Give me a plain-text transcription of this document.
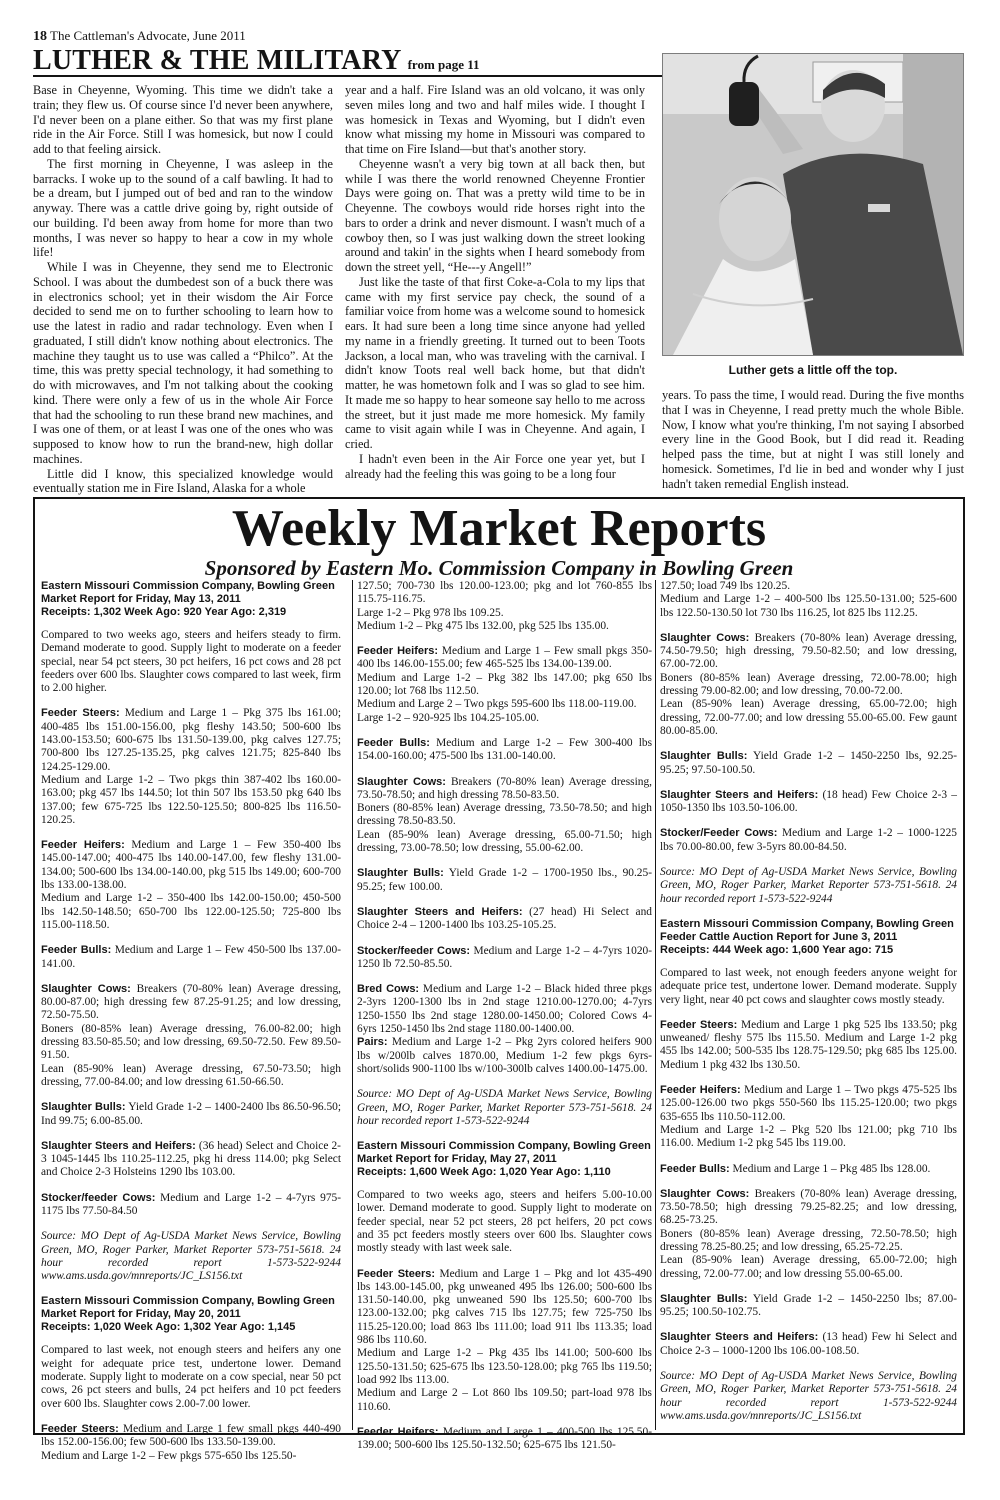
18 The Cattleman's Advocate, June 2011
LUTHER & THE MILITARY from page 11

Base in Cheyenne, Wyoming. This time we didn't take a train; they flew us. Of course since I'd never been anywhere, I'd never been on a plane either. So that was my first plane ride in the Air Force. Still I was homesick, but now I could add to that feeling airsick.

The first morning in Cheyenne, I was asleep in the barracks. I woke up to the sound of a calf bawling. It had to be a dream, but I jumped out of bed and ran to the window anyway. There was a cattle drive going by, right outside of our building. I'd been away from home for more than two months, I was never so happy to hear a cow in my whole life!

While I was in Cheyenne, they send me to Electronic School. I was about the dumbedest son of a buck there was in electronics school; yet in their wisdom the Air Force decided to send me on to further schooling to learn how to use the latest in radio and radar technology. Even when I graduated, I still didn't know nothing about electronics. The machine they taught us to use was called a “Philco”. At the time, this was pretty special technology, it had something to do with microwaves, and I'm not talking about the cooking kind. There were only a few of us in the whole Air Force that had the schooling to run these brand new machines, and I was one of them, or at least I was one of the ones who was supposed to know how to run the brand-new, high dollar machines.

Little did I know, this specialized knowledge would eventually station me in Fire Island, Alaska for a whole

year and a half. Fire Island was an old volcano, it was only seven miles long and two and half miles wide. I thought I was homesick in Texas and Wyoming, but I didn't even know what missing my home in Missouri was compared to that time on Fire Island—but that's another story.

Cheyenne wasn't a very big town at all back then, but while I was there the world renowned Cheyenne Frontier Days were going on. That was a pretty wild time to be in Cheyenne. The cowboys would ride horses right into the bars to order a drink and never dismount. I wasn't much of a cowboy then, so I was just walking down the street looking around and takin' in the sights when I heard somebody from down the street yell, “He---y Angell!”

Just like the taste of that first Coke-a-Cola to my lips that came with my first service pay check, the sound of a familiar voice from home was a welcome sound to homesick ears. It had sure been a long time since anyone had yelled my name in a friendly greeting. It turned out to been Toots Jackson, a local man, who was traveling with the carnival. I didn't know Toots real well back home, but that didn't matter, he was hometown folk and I was so glad to see him. It made me so happy to hear someone say hello to me across the street, but it just made me more homesick. My family came to visit again while I was in Cheyenne. And again, I cried.

I hadn't even been in the Air Force one year yet, but I already had the feeling this was going to be a long four

Luther gets a little off the top.

years. To pass the time, I would read. During the five months that I was in Cheyenne, I read pretty much the whole Bible. Now, I know what you're thinking, I'm not saying I absorbed every line in the Good Book, but I did read it. Reading helped pass the time, but at night I was still lonely and homesick. Sometimes, I'd lie in bed and wonder why I just hadn't taken remedial English instead.

Weekly Market Reports
Sponsored by Eastern Mo. Commission Company in Bowling Green
Eastern Missouri Commission Company, Bowling Green
Market Report for Friday, May 13, 2011
Receipts: 1,302 Week Ago: 920 Year Ago: 2,319
Compared to two weeks ago, steers and heifers steady to firm. Demand moderate to good. Supply light to moderate on a feeder special, near 54 pct steers, 30 pct heifers, 16 pct cows and 28 pct feeders over 600 lbs. Slaughter cows compared to last week, firm to 2.00 higher.
Feeder Steers: Medium and Large 1 – Pkg 375 lbs 161.00; 400-485 lbs 151.00-156.00, pkg fleshy 143.50; 500-600 lbs 143.00-153.50; 600-675 lbs 131.50-139.00, pkg calves 127.75; 700-800 lbs 127.25-135.25, pkg calves 121.75; 825-840 lbs 124.25-129.00.
Medium and Large 1-2 – Two pkgs thin 387-402 lbs 160.00-163.00; pkg 457 lbs 144.50; lot thin 507 lbs 153.50 pkg 640 lbs 137.00; few 675-725 lbs 122.50-125.50; 800-825 lbs 116.50-120.25.
Feeder Heifers: Medium and Large 1 – Few 350-400 lbs 145.00-147.00; 400-475 lbs 140.00-147.00, few fleshy 131.00-134.00; 500-600 lbs 134.00-140.00, pkg 515 lbs 149.00; 600-700 lbs 133.00-138.00.
Medium and Large 1-2 – 350-400 lbs 142.00-150.00; 450-500 lbs 142.50-148.50; 650-700 lbs 122.00-125.50; 725-800 lbs 115.00-118.50.
Feeder Bulls: Medium and Large 1 – Few 450-500 lbs 137.00-141.00.
Slaughter Cows: Breakers (70-80% lean) Average dressing, 80.00-87.00; high dressing few 87.25-91.25; and low dressing, 72.50-75.50.
Boners (80-85% lean) Average dressing, 76.00-82.00; high dressing 83.50-85.50; and low dressing, 69.50-72.50. Few 89.50-91.50.
Lean (85-90% lean) Average dressing, 67.50-73.50; high dressing, 77.00-84.00; and low dressing 61.50-66.50.
Slaughter Bulls: Yield Grade 1-2 – 1400-2400 lbs 86.50-96.50; Ind 99.75; 6.00-85.00.
Slaughter Steers and Heifers: (36 head) Select and Choice 2-3 1045-1445 lbs 110.25-112.25, pkg hi dress 114.00; pkg Select and Choice 2-3 Holsteins 1290 lbs 103.00.
Stocker/feeder Cows: Medium and Large 1-2 – 4-7yrs 975-1175 lbs 77.50-84.50
Source: MO Dept of Ag-USDA Market News Service, Bowling Green, MO, Roger Parker, Market Reporter 573-751-5618. 24 hour recorded report 1-573-522-9244 www.ams.usda.gov/mnreports/JC_LS156.txt
Eastern Missouri Commission Company, Bowling Green
Market Report for Friday, May 20, 2011
Receipts: 1,020 Week Ago: 1,302 Year Ago: 1,145
Compared to last week, not enough steers and heifers any one weight for adequate price test, undertone lower. Demand moderate. Supply light to moderate on a cow special, near 50 pct cows, 26 pct steers and bulls, 24 pct heifers and 10 pct feeders over 600 lbs. Slaughter cows 2.00-7.00 lower.
Feeder Steers: Medium and Large 1 few small pkgs 440-490 lbs 152.00-156.00; few 500-600 lbs 133.50-139.00.
Medium and Large 1-2 – Few pkgs 575-650 lbs 125.50-
127.50; 700-730 lbs 120.00-123.00; pkg and lot 760-855 lbs 115.75-116.75.
Large 1-2 – Pkg 978 lbs 109.25.
Medium 1-2 – Pkg 475 lbs 132.00, pkg 525 lbs 135.00.
Feeder Heifers: Medium and Large 1 – Few small pkgs 350-400 lbs 146.00-155.00; few 465-525 lbs 134.00-139.00.
Medium and Large 1-2 – Pkg 382 lbs 147.00; pkg 650 lbs 120.00; lot 768 lbs 112.50.
Medium and Large 2 – Two pkgs 595-600 lbs 118.00-119.00.
Large 1-2 – 920-925 lbs 104.25-105.00.
Feeder Bulls: Medium and Large 1-2 – Few 300-400 lbs 154.00-160.00; 475-500 lbs 131.00-140.00.
Slaughter Cows: Breakers (70-80% lean) Average dressing, 73.50-78.50; and high dressing 78.50-83.50.
Boners (80-85% lean) Average dressing, 73.50-78.50; and high dressing 78.50-83.50.
Lean (85-90% lean) Average dressing, 65.00-71.50; high dressing, 73.00-78.50; low dressing, 55.00-62.00.
Slaughter Bulls: Yield Grade 1-2 – 1700-1950 lbs., 90.25-95.25; few 100.00.
Slaughter Steers and Heifers: (27 head) Hi Select and Choice 2-4 – 1200-1400 lbs 103.25-105.25.
Stocker/feeder Cows: Medium and Large 1-2 – 4-7yrs 1020-1250 lb 72.50-85.50.
Bred Cows: Medium and Large 1-2 – Black hided three pkgs 2-3yrs 1200-1300 lbs in 2nd stage 1210.00-1270.00; 4-7yrs 1250-1550 lbs 2nd stage 1280.00-1450.00; Colored Cows 4-6yrs 1250-1450 lbs 2nd stage 1180.00-1400.00.
Pairs: Medium and Large 1-2 – Pkg 2yrs colored heifers 900 lbs w/200lb calves 1870.00, Medium 1-2 few pkgs 6yrs-short/solids 900-1100 lbs w/100-300lb calves 1400.00-1475.00.
Source: MO Dept of Ag-USDA Market News Service, Bowling Green, MO, Roger Parker, Market Reporter 573-751-5618. 24 hour recorded report 1-573-522-9244
Eastern Missouri Commission Company, Bowling Green
Market Report for Friday, May 27, 2011
Receipts: 1,600 Week Ago: 1,020 Year Ago: 1,110
Compared to two weeks ago, steers and heifers 5.00-10.00 lower. Demand moderate to good. Supply light to moderate on feeder special, near 52 pct steers, 28 pct heifers, 20 pct cows and 35 pct feeders mostly steers over 600 lbs. Slaughter cows mostly steady with last week sale.
Feeder Steers: Medium and Large 1 – Pkg and lot 435-490 lbs 143.00-145.00, pkg unweaned 495 lbs 126.00; 500-600 lbs 131.50-140.00, pkg unweaned 590 lbs 125.50; 600-700 lbs 123.00-132.00; pkg calves 715 lbs 127.75; few 725-750 lbs 115.25-120.00; load 863 lbs 111.00; load 911 lbs 113.35; load 986 lbs 110.60.
Medium and Large 1-2 – Pkg 435 lbs 141.00; 500-600 lbs 125.50-131.50; 625-675 lbs 123.50-128.00; pkg 765 lbs 119.50; load 992 lbs 113.00.
Medium and Large 2 – Lot 860 lbs 109.50; part-load 978 lbs 110.60.
Feeder Heifers: Medium and Large 1 – 400-500 lbs 125.50-139.00; 500-600 lbs 125.50-132.50; 625-675 lbs 121.50-
127.50; load 749 lbs 120.25.
Medium and Large 1-2 – 400-500 lbs 125.50-131.00; 525-600 lbs 122.50-130.50 lot 730 lbs 116.25, lot 825 lbs 112.25.
Slaughter Cows: Breakers (70-80% lean) Average dressing, 74.50-79.50; high dressing, 79.50-82.50; and low dressing, 67.00-72.00.
Boners (80-85% lean) Average dressing, 72.00-78.00; high dressing 79.00-82.00; and low dressing, 70.00-72.00.
Lean (85-90% lean) Average dressing, 65.00-72.00; high dressing, 72.00-77.00; and low dressing 55.00-65.00. Few gaunt 80.00-85.00.
Slaughter Bulls: Yield Grade 1-2 – 1450-2250 lbs, 92.25-95.25; 97.50-100.50.
Slaughter Steers and Heifers: (18 head) Few Choice 2-3 – 1050-1350 lbs 103.50-106.00.
Stocker/Feeder Cows: Medium and Large 1-2 – 1000-1225 lbs 70.00-80.00, few 3-5yrs 80.00-84.50.
Source: MO Dept of Ag-USDA Market News Service, Bowling Green, MO, Roger Parker, Market Reporter 573-751-5618. 24 hour recorded report 1-573-522-9244
Eastern Missouri Commission Company, Bowling Green
Feeder Cattle Auction Report for June 3, 2011
Receipts: 444 Week ago: 1,600 Year ago: 715
Compared to last week, not enough feeders anyone weight for adequate price test, undertone lower. Demand moderate. Supply very light, near 40 pct cows and slaughter cows mostly steady.
Feeder Steers: Medium and Large 1 pkg 525 lbs 133.50; pkg unweaned/ fleshy 575 lbs 115.50. Medium and Large 1-2 pkg 455 lbs 142.00; 500-535 lbs 128.75-129.50; pkg 685 lbs 125.00. Medium 1 pkg 432 lbs 130.50.
Feeder Heifers: Medium and Large 1 – Two pkgs 475-525 lbs 125.00-126.00 two pkgs 550-560 lbs 115.25-120.00; two pkgs 635-655 lbs 110.50-112.00.
Medium and Large 1-2 – Pkg 520 lbs 121.00; pkg 710 lbs 116.00. Medium 1-2 pkg 545 lbs 119.00.
Feeder Bulls: Medium and Large 1 – Pkg 485 lbs 128.00.
Slaughter Cows: Breakers (70-80% lean) Average dressing, 73.50-78.50; high dressing 79.25-82.25; and low dressing, 68.25-73.25.
Boners (80-85% lean) Average dressing, 72.50-78.50; high dressing 78.25-80.25; and low dressing, 65.25-72.25.
Lean (85-90% lean) Average dressing, 65.00-72.00; high dressing, 72.00-77.00; and low dressing 55.00-65.00.
Slaughter Bulls: Yield Grade 1-2 – 1450-2250 lbs; 87.00-95.25; 100.50-102.75.
Slaughter Steers and Heifers: (13 head) Few hi Select and Choice 2-3 – 1000-1200 lbs 106.00-108.50.
Source: MO Dept of Ag-USDA Market News Service, Bowling Green, MO, Roger Parker, Market Reporter 573-751-5618. 24 hour recorded report 1-573-522-9244 www.ams.usda.gov/mnreports/JC_LS156.txt
